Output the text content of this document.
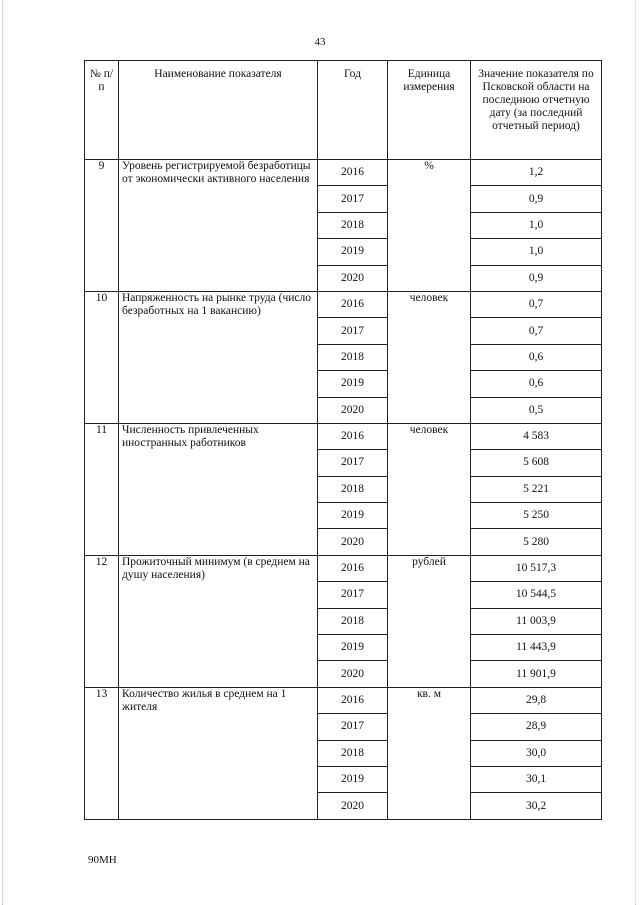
43
№ п/п	Наименование показателя	Год	Единица измерения	Значение показателя по Псковской области на последнюю отчетную дату (за последний отчетный период)
9	Уровень регистрируемой безработицы от экономически активного населения	2016	%	1,2
		2017		0,9
		2018		1,0
		2019		1,0
		2020		0,9
10	Напряженность на рынке труда (число безработных на 1 вакансию)	2016	человек	0,7
		2017		0,7
		2018		0,6
		2019		0,6
		2020		0,5
11	Численность привлеченных иностранных работников	2016	человек	4 583
		2017		5 608
		2018		5 221
		2019		5 250
		2020		5 280
12	Прожиточный минимум (в среднем на душу населения)	2016	рублей	10 517,3
		2017		10 544,5
		2018		11 003,9
		2019		11 443,9
		2020		11 901,9
13	Количество жилья в среднем на 1 жителя	2016	кв. м	29,8
		2017		28,9
		2018		30,0
		2019		30,1
		2020		30,2
90МН
